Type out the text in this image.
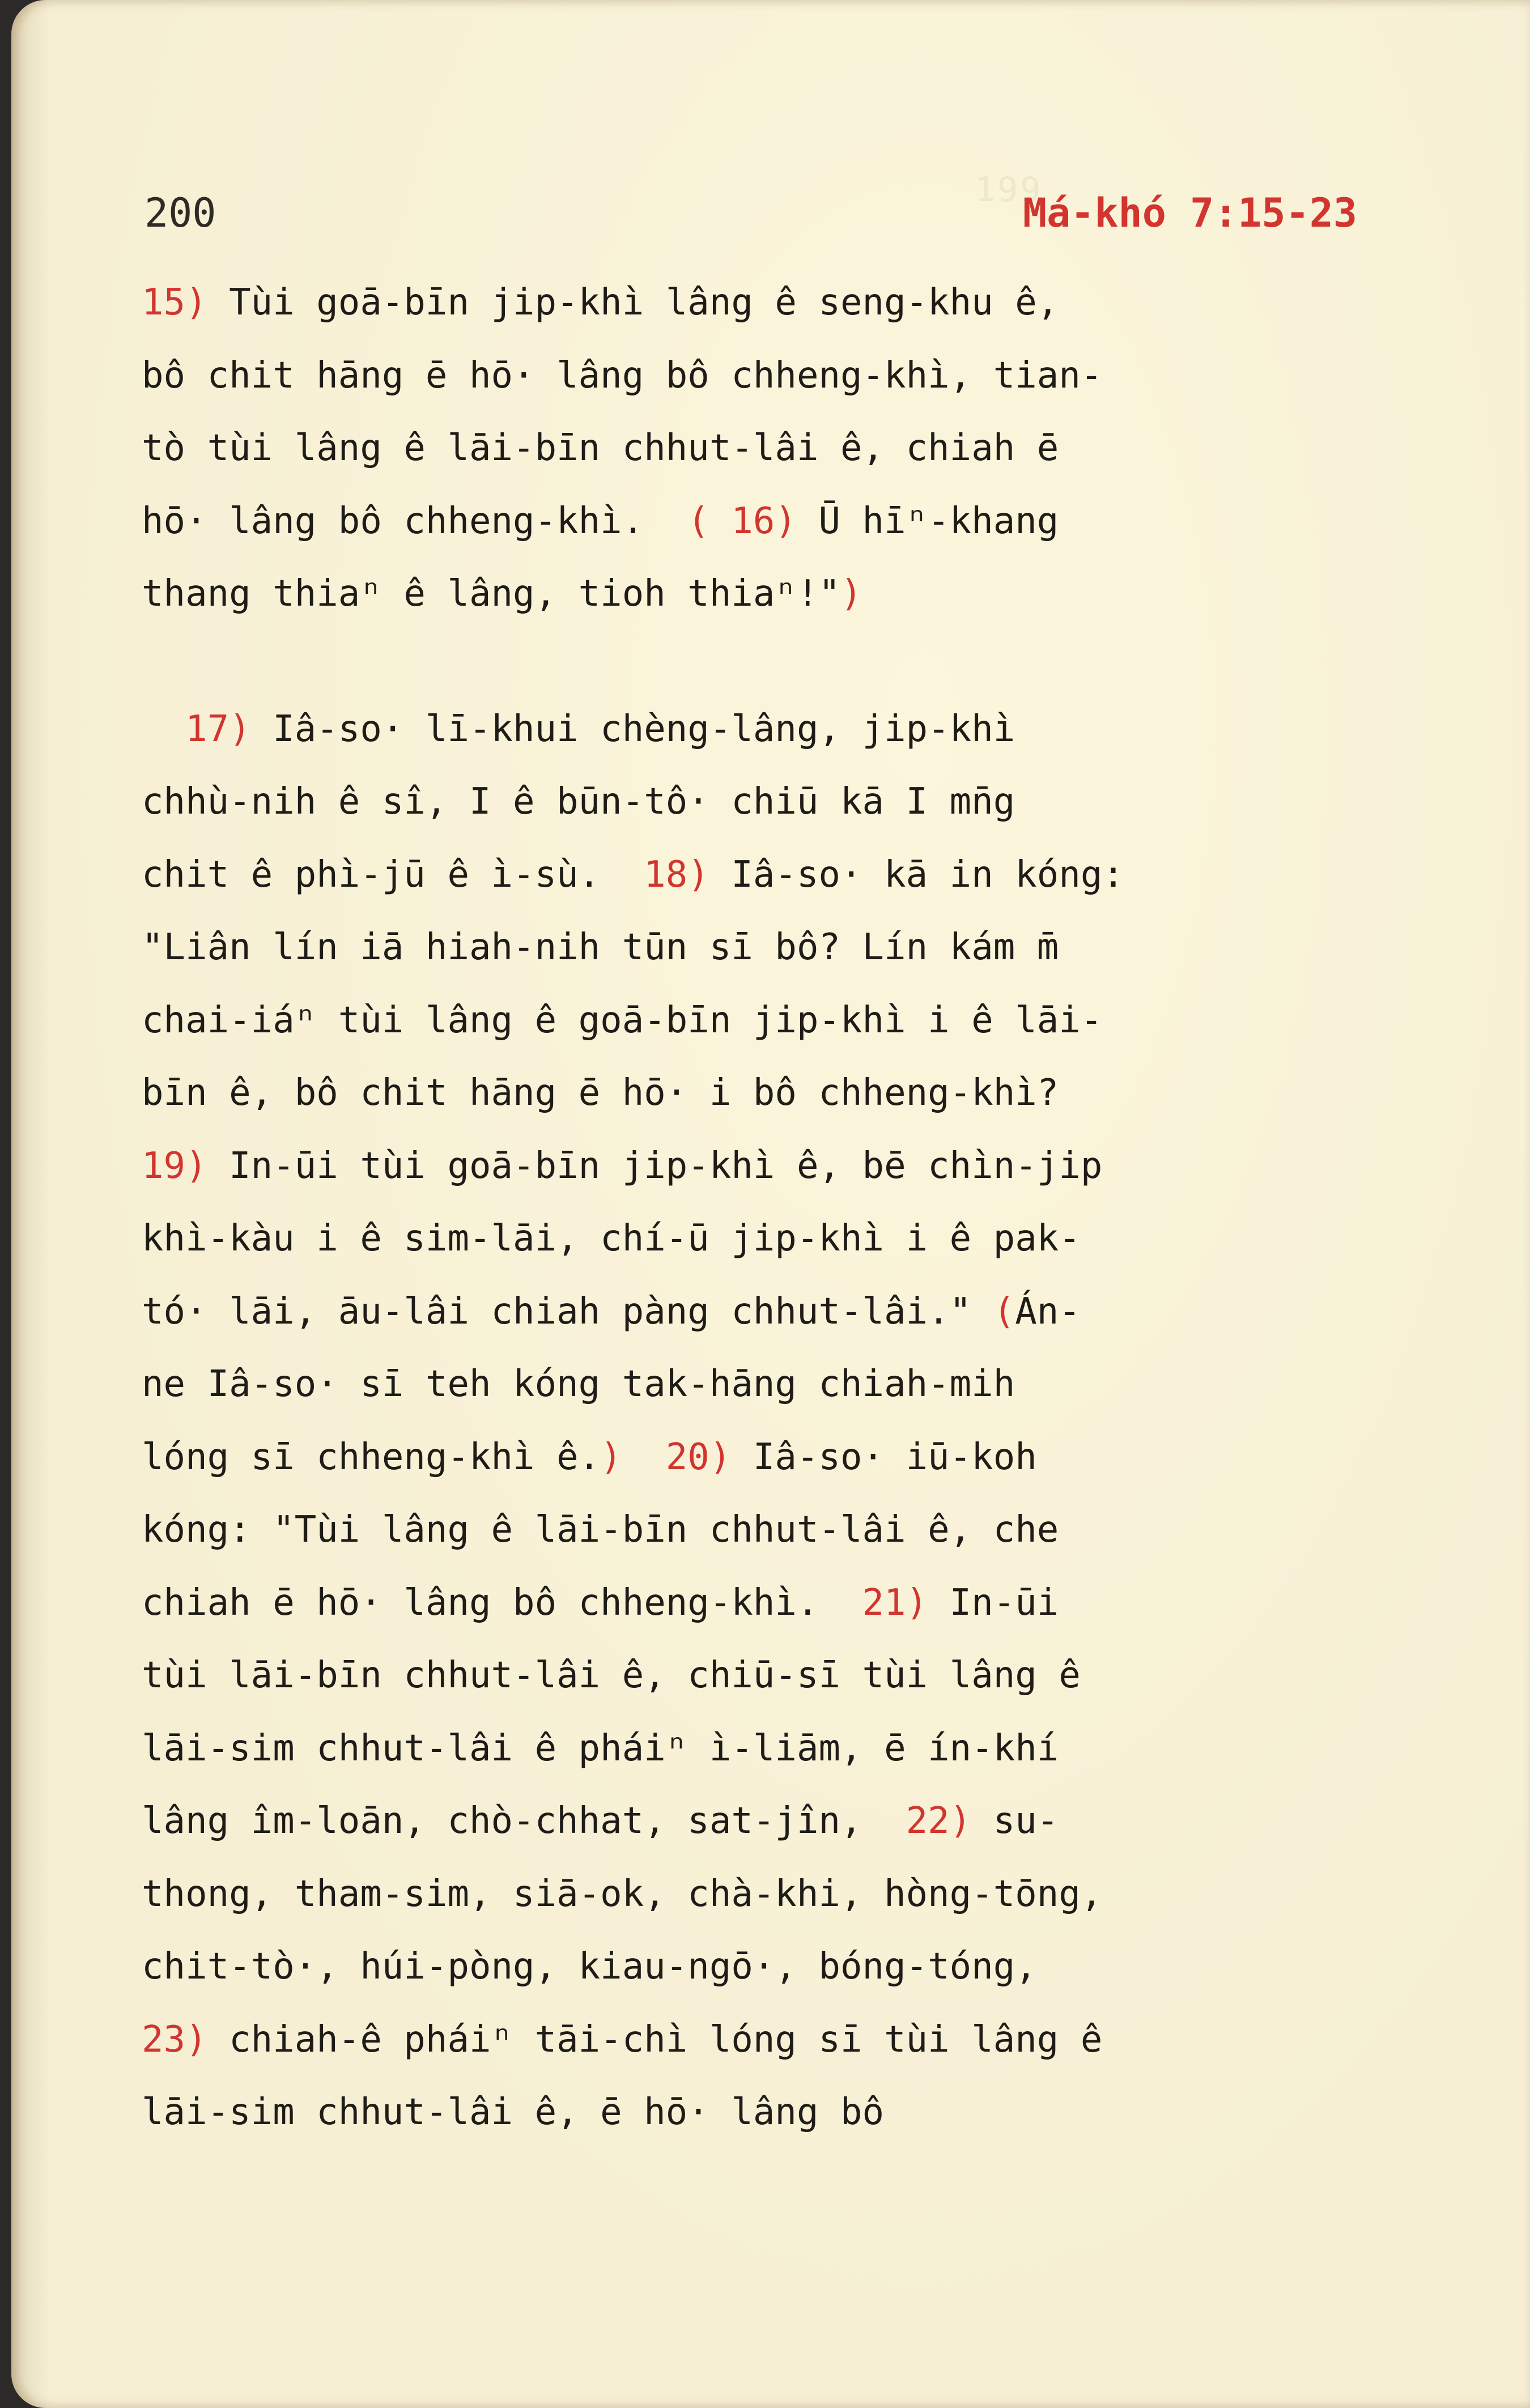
199
200	Má-khó 7:15-23
15) Tùi goā-bīn jip-khì lâng ê seng-khu ê,
bô chit hāng ē hō· lâng bô chheng-khì, tian-
tò tùi lâng ê lāi-bīn chhut-lâi ê, chiah ē
hō· lâng bô chheng-khì.  ( 16) Ū hīⁿ-khang
thang thiaⁿ ê lâng, tioh thiaⁿ!")
17) Iâ-so· lī-khui chèng-lâng, jip-khì
chhù-nih ê sî, I ê būn-tô· chiū kā I mn̄g
chit ê phì-jū ê ì-sù.  18) Iâ-so· kā in kóng:
"Liân lín iā hiah-nih tūn sī bô? Lín kám m̄
chai-iáⁿ tùi lâng ê goā-bīn jip-khì i ê lāi-
bīn ê, bô chit hāng ē hō· i bô chheng-khì?
19) In-ūi tùi goā-bīn jip-khì ê, bē chìn-jip
khì-kàu i ê sim-lāi, chí-ū jip-khì i ê pak-
tó· lāi, āu-lâi chiah pàng chhut-lâi." (Án-
ne Iâ-so· sī teh kóng tak-hāng chiah-mih
lóng sī chheng-khì ê.)  20) Iâ-so· iū-koh
kóng: "Tùi lâng ê lāi-bīn chhut-lâi ê, che
chiah ē hō· lâng bô chheng-khì.  21) In-ūi
tùi lāi-bīn chhut-lâi ê, chiū-sī tùi lâng ê
lāi-sim chhut-lâi ê pháiⁿ ì-liām, ē ín-khí
lâng îm-loān, chò-chhat, sat-jîn,  22) su-
thong, tham-sim, siā-ok, chà-khi, hòng-tōng,
chit-tò·, húi-pòng, kiau-ngō·, bóng-tóng,
23) chiah-ê pháiⁿ tāi-chì lóng sī tùi lâng ê
lāi-sim chhut-lâi ê, ē hō· lâng bô
